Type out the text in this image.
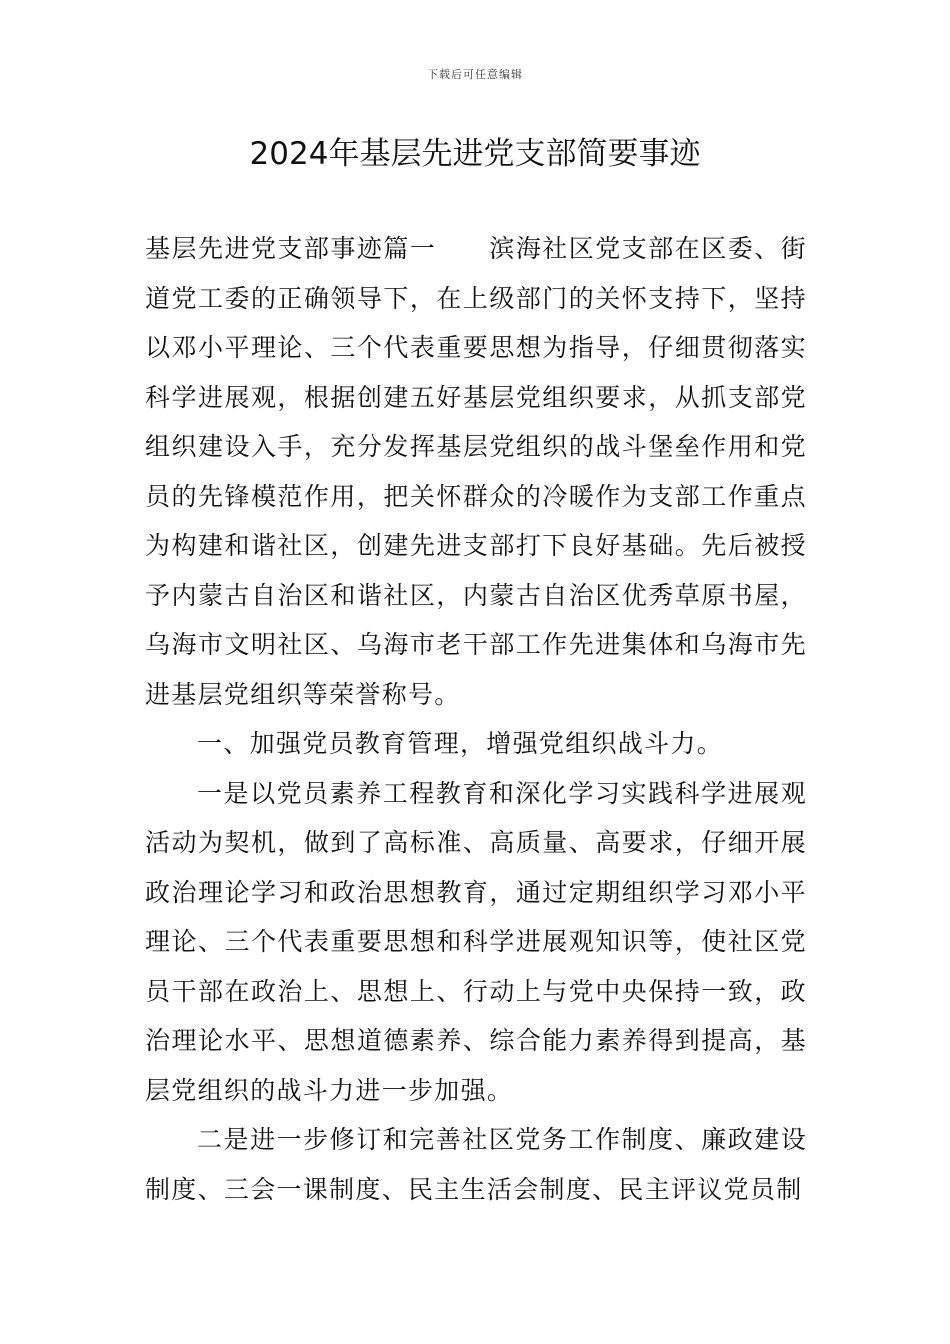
下载后可任意编辑
2024年基层先进党支部简要事迹

基层先进党支部事迹篇一　　滨海社区党支部在区委、街道党工委的正确领导下，在上级部门的关怀支持下，坚持以邓小平理论、三个代表重要思想为指导，仔细贯彻落实科学进展观，根据创建五好基层党组织要求，从抓支部党组织建设入手，充分发挥基层党组织的战斗堡垒作用和党员的先锋模范作用，把关怀群众的冷暖作为支部工作重点为构建和谐社区，创建先进支部打下良好基础。先后被授予内蒙古自治区和谐社区，内蒙古自治区优秀草原书屋，乌海市文明社区、乌海市老干部工作先进集体和乌海市先进基层党组织等荣誉称号。

一、加强党员教育管理，增强党组织战斗力。

一是以党员素养工程教育和深化学习实践科学进展观活动为契机，做到了高标准、高质量、高要求，仔细开展政治理论学习和政治思想教育，通过定期组织学习邓小平理论、三个代表重要思想和科学进展观知识等，使社区党员干部在政治上、思想上、行动上与党中央保持一致，政治理论水平、思想道德素养、综合能力素养得到提高，基层党组织的战斗力进一步加强。

二是进一步修订和完善社区党务工作制度、廉政建设制度、三会一课制度、民主生活会制度、民主评议党员制
